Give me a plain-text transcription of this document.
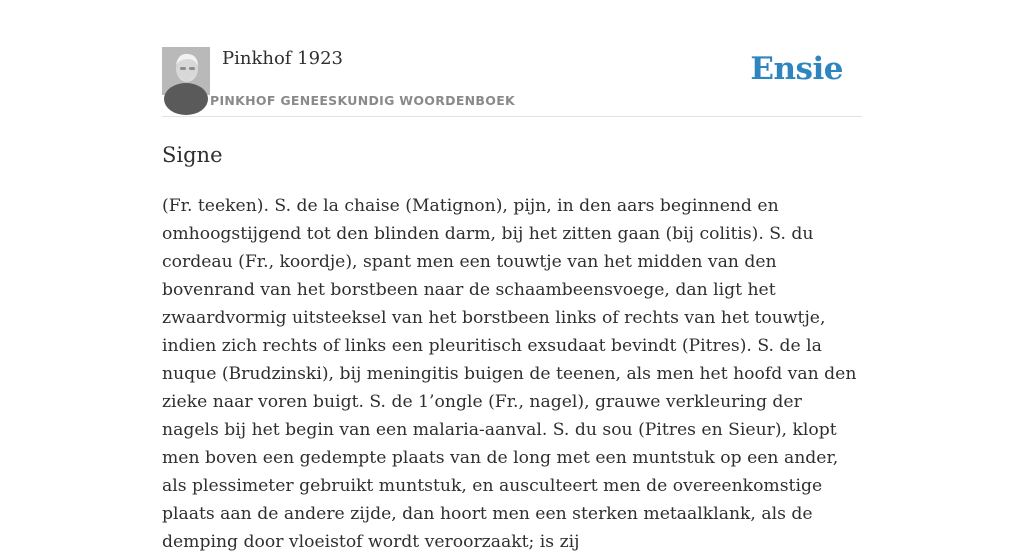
Pinkhof 1923
PINKHOF GENEESKUNDIG WOORDENBOEK
Ensie
Signe

(Fr. teeken). S. de la chaise (Matignon), pijn, in den aars beginnend en omhoogstijgend tot den blinden darm, bij het zitten gaan (bij colitis). S. du cordeau (Fr., koordje), spant men een touwtje van het midden van den bovenrand van het borstbeen naar de schaambeensvoege, dan ligt het zwaardvormig uitsteeksel van het borstbeen links of rechts van het touwtje, indien zich rechts of links een pleuritisch exsudaat bevindt (Pitres). S. de la nuque (Brudzinski), bij meningitis buigen de teenen, als men het hoofd van den zieke naar voren buigt. S. de 1’ongle (Fr., nagel), grauwe verkleuring der nagels bij het begin van een malaria-aanval. S. du sou (Pitres en Sieur), klopt men boven een gedempte plaats van de long met een muntstuk op een ander, als plessimeter gebruikt muntstuk, en ausculteert men de overeenkomstige plaats aan de andere zijde, dan hoort men een sterken metaalklank, als de demping door vloeistof wordt veroorzaakt; is zij
